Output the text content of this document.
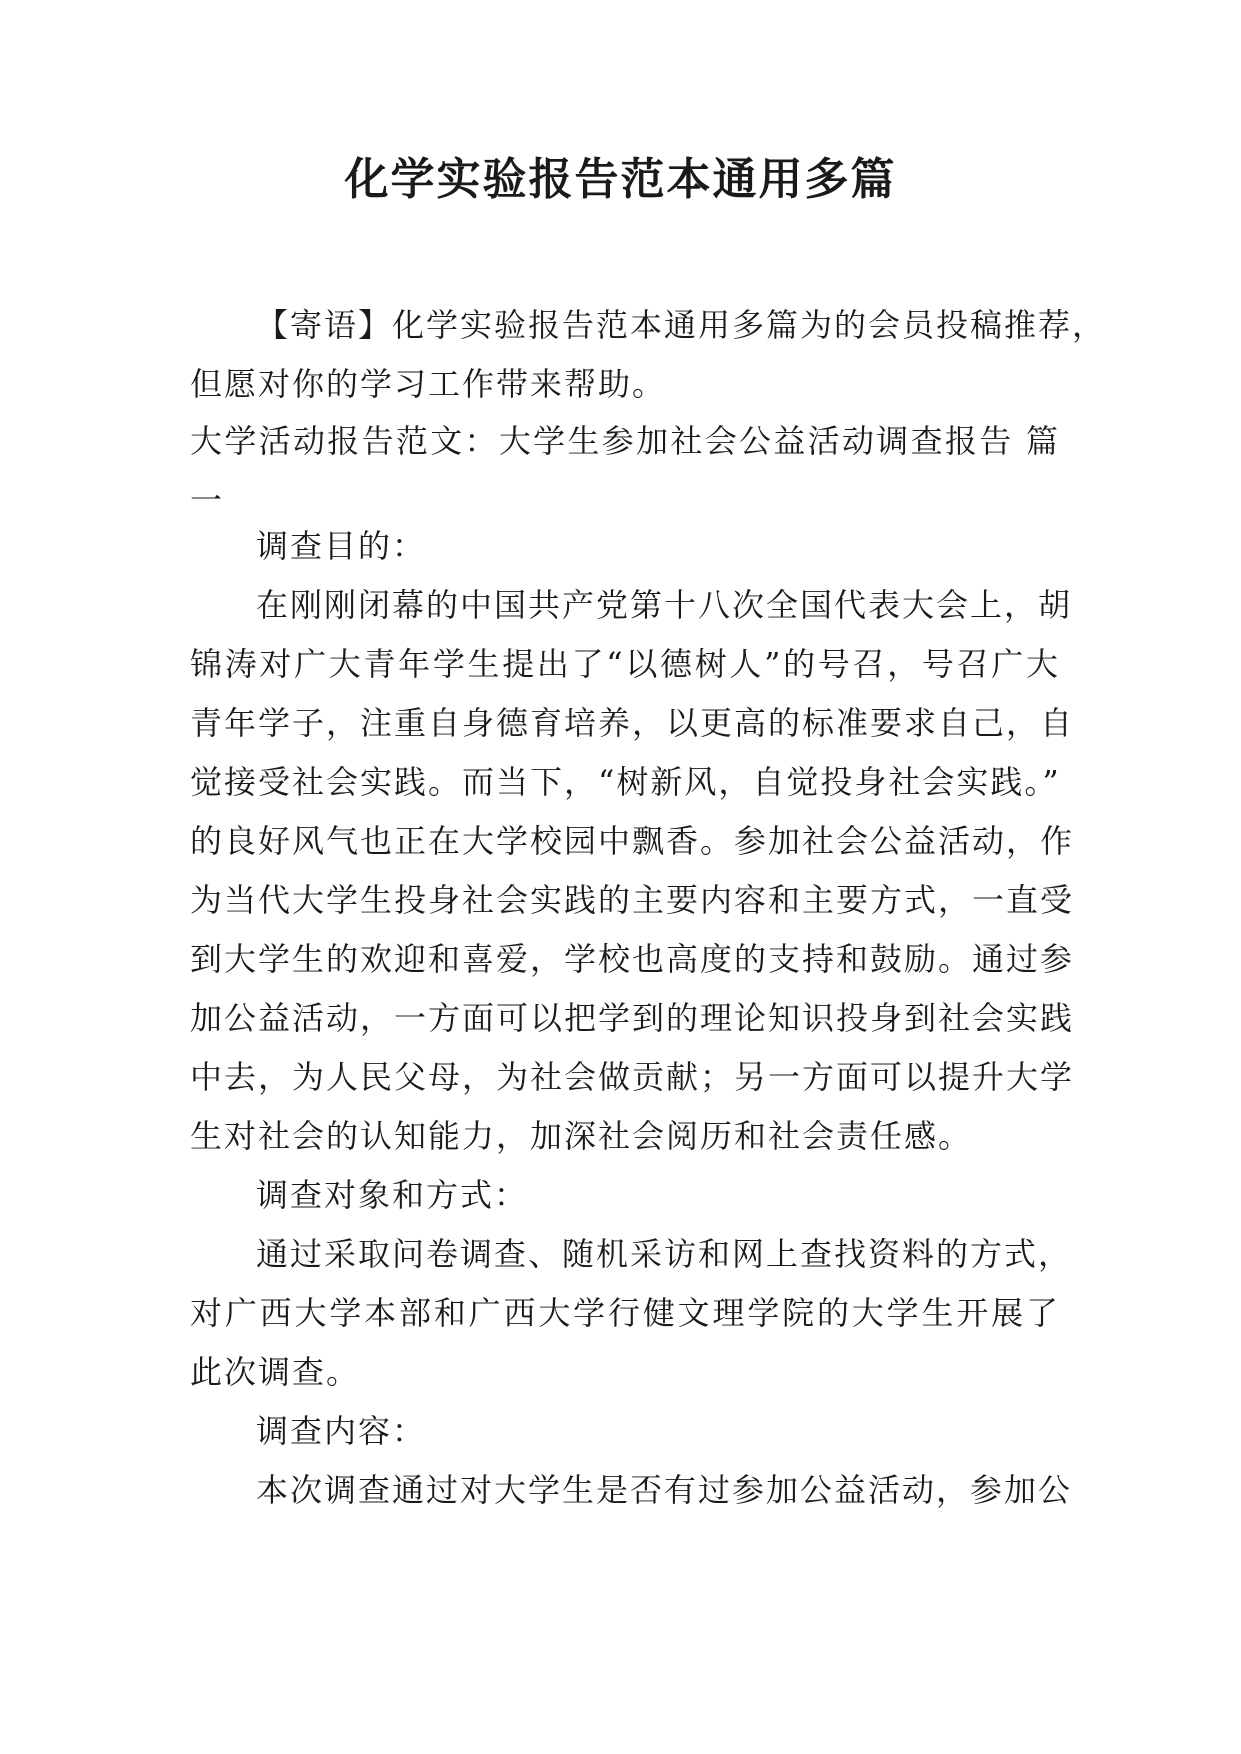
化学实验报告范本通用多篇
【寄语】化学实验报告范本通用多篇为的会员投稿推荐，
但愿对你的学习工作带来帮助。
大学活动报告范文：大学生参加社会公益活动调查报告 篇
一
调查目的：
在刚刚闭幕的中国共产党第十八次全国代表大会上，胡
锦涛对广大青年学生提出了“以德树人”的号召，号召广大
青年学子，注重自身德育培养，以更高的标准要求自己，自
觉接受社会实践。而当下，“树新风，自觉投身社会实践。”
的良好风气也正在大学校园中飘香。参加社会公益活动，作
为当代大学生投身社会实践的主要内容和主要方式，一直受
到大学生的欢迎和喜爱，学校也高度的支持和鼓励。通过参
加公益活动，一方面可以把学到的理论知识投身到社会实践
中去，为人民父母，为社会做贡献；另一方面可以提升大学
生对社会的认知能力，加深社会阅历和社会责任感。
调查对象和方式：
通过采取问卷调查、随机采访和网上查找资料的方式，
对广西大学本部和广西大学行健文理学院的大学生开展了
此次调查。
调查内容：
本次调查通过对大学生是否有过参加公益活动，参加公
